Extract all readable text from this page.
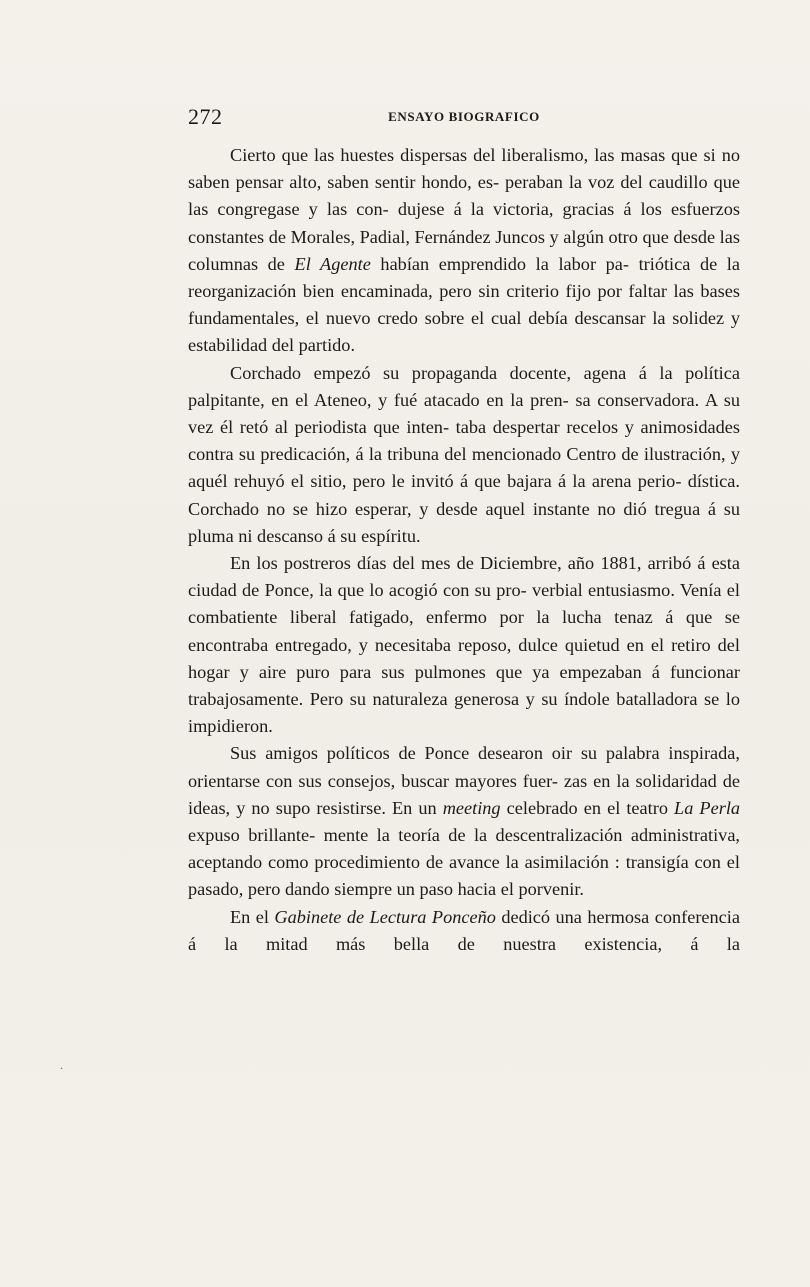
272	ENSAYO BIOGRAFICO

Cierto que las huestes dispersas del liberalismo, las masas que si no saben pensar alto, saben sentir hondo, es- peraban la voz del caudillo que las congregase y las con- dujese á la victoria, gracias á los esfuerzos constantes de Morales, Padial, Fernández Juncos y algún otro que desde las columnas de El Agente habían emprendido la labor pa- triótica de la reorganización bien encaminada, pero sin criterio fijo por faltar las bases fundamentales, el nuevo credo sobre el cual debía descansar la solidez y estabilidad del partido.

Corchado empezó su propaganda docente, agena á la política palpitante, en el Ateneo, y fué atacado en la pren- sa conservadora. A su vez él retó al periodista que inten- taba despertar recelos y animosidades contra su predicación, á la tribuna del mencionado Centro de ilustración, y aquél rehuyó el sitio, pero le invitó á que bajara á la arena perio- dística. Corchado no se hizo esperar, y desde aquel instante no dió tregua á su pluma ni descanso á su espíritu.

En los postreros días del mes de Diciembre, año 1881, arribó á esta ciudad de Ponce, la que lo acogió con su pro- verbial entusiasmo. Venía el combatiente liberal fatigado, enfermo por la lucha tenaz á que se encontraba entregado, y necesitaba reposo, dulce quietud en el retiro del hogar y aire puro para sus pulmones que ya empezaban á funcionar trabajosamente. Pero su naturaleza generosa y su índole batalladora se lo impidieron.

Sus amigos políticos de Ponce desearon oir su palabra inspirada, orientarse con sus consejos, buscar mayores fuer- zas en la solidaridad de ideas, y no supo resistirse. En un meeting celebrado en el teatro La Perla expuso brillante- mente la teoría de la descentralización administrativa, aceptando como procedimiento de avance la asimilación : transigía con el pasado, pero dando siempre un paso hacia el porvenir.

En el Gabinete de Lectura Ponceño dedicó una hermosa conferencia á la mitad más bella de nuestra existencia, á la

.
